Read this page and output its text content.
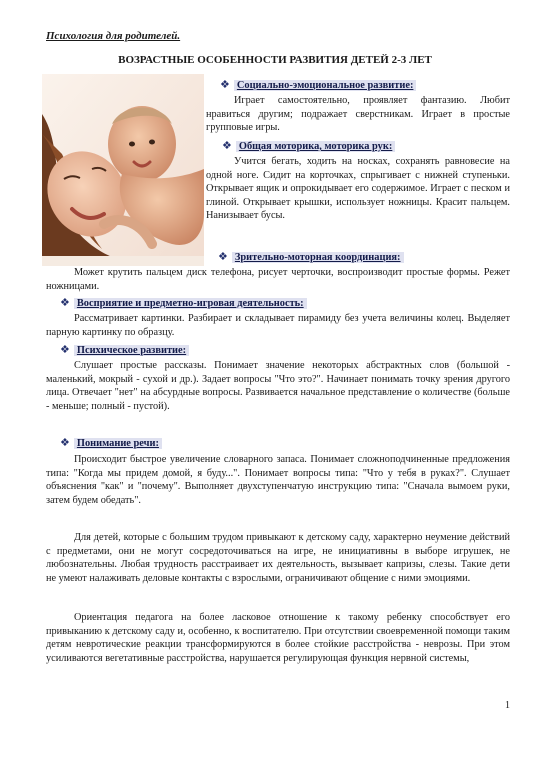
Психология для родителей.
ВОЗРАСТНЫЕ ОСОБЕННОСТИ РАЗВИТИЯ ДЕТЕЙ 2-3 ЛЕТ
❖ Социально-эмоциональное развитие:

Играет самостоятельно, проявляет фантазию. Любит нравиться другим; подражает сверстникам. Играет в простые групповые игры.

❖ Общая моторика, моторика рук:

Учится бегать, ходить на носках, сохранять равновесие на одной ноге. Сидит на корточках, спрыгивает с нижней ступеньки. Открывает ящик и опрокидывает его содержимое. Играет с песком и глиной. Открывает крышки, использует ножницы. Красит пальцем. Нанизывает бусы.

❖ Зрительно-моторная координация:

Может крутить пальцем диск телефона, рисует черточки, воспроизводит простые формы. Режет ножницами.

❖ Восприятие и предметно-игровая деятельность:

Рассматривает картинки. Разбирает и складывает пирамиду без учета величины колец. Выделяет парную картинку по образцу.

❖ Психическое развитие:

Слушает простые рассказы. Понимает значение некоторых абстрактных слов (большой - маленький, мокрый - сухой и др.). Задает вопросы "Что это?". Начинает понимать точку зрения другого лица. Отвечает "нет" на абсурдные вопросы. Развивается начальное представление о количестве (больше - меньше; полный - пустой).

❖ Понимание речи:

Происходит быстрое увеличение словарного запаса. Понимает сложноподчиненные предложения типа: "Когда мы придем домой, я буду...". Понимает вопросы типа: "Что у тебя в руках?". Слушает объяснения "как" и "почему". Выполняет двухступенчатую инструкцию типа: "Сначала вымоем руки, затем будем обедать".

Для детей, которые с большим трудом привыкают к детскому саду, характерно неумение действий с предметами, они не могут сосредоточиваться на игре, не инициативны в выборе игрушек, не любознательны. Любая трудность расстраивает их деятельность, вызывает капризы, слезы. Такие дети не умеют налаживать деловые контакты с взрослыми, ограничивают общение с ними эмоциями.

Ориентация педагога на более ласковое отношение к такому ребенку способствует его привыканию к детскому саду и, особенно, к воспитателю. При отсутствии своевременной помощи таким детям невротические реакции трансформируются в более стойкие расстройства - неврозы. При этом усиливаются вегетативные расстройства, нарушается регулирующая функция нервной системы,

1
